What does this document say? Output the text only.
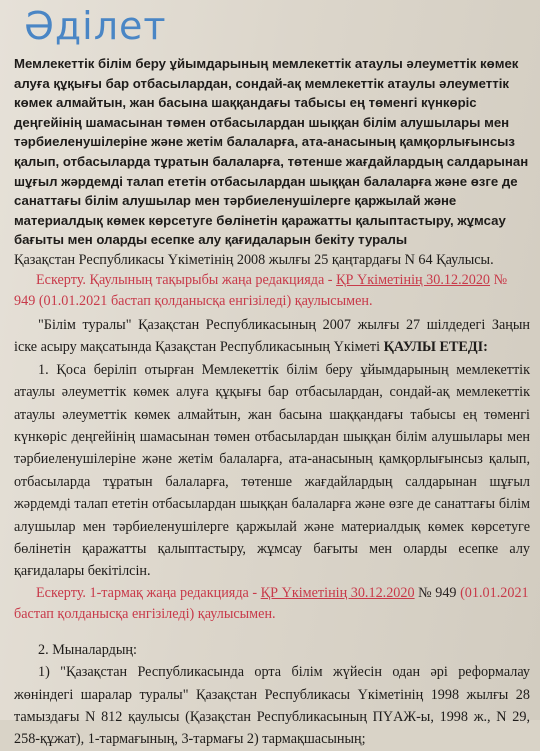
Әділет

Мемлекеттік білім беру ұйымдарының мемлекеттік атаулы әлеуметтік көмек алуға құқығы бар отбасылардан, сондай-ақ мемлекеттік атаулы әлеуметтік көмек алмайтын, жан басына шаққандағы табысы ең төменгі күнкөріс деңгейінің шамасынан төмен отбасылардан шыққан білім алушылары мен тәрбиеленушілеріне және жетім балаларға, ата-анасының қамқорлығынсыз қалып, отбасыларда тұратын балаларға, төтенше жағдайлардың салдарынан шұғыл жәрдемді талап ететін отбасылардан шыққан балаларға және өзге де санаттағы білім алушылар мен тәрбиеленушілерге қаржылай және материалдық көмек көрсетуге бөлінетін қаражатты қалыптастыру, жұмсау бағыты мен оларды есепке алу қағидаларын бекіту туралы

Қазақстан Республикасы Үкіметінің 2008 жылғы 25 қаңтардағы N 64 Қаулысы.

Ескерту. Қаулының тақырыбы жаңа редакцияда - ҚР Үкіметінің 30.12.2020 № 949 (01.01.2021 бастап қолданысқа енгізіледі) қаулысымен.

"Білім туралы" Қазақстан Республикасының 2007 жылғы 27 шілдедегі Заңын іске асыру мақсатында Қазақстан Республикасының Үкіметі ҚАУЛЫ ЕТЕДІ:

1. Қоса беріліп отырған Мемлекеттік білім беру ұйымдарының мемлекеттік атаулы әлеуметтік көмек алуға құқығы бар отбасылардан, сондай-ақ мемлекеттік атаулы әлеуметтік көмек алмайтын, жан басына шаққандағы табысы ең төменгі күнкөріс деңгейінің шамасынан төмен отбасылардан шыққан білім алушылары мен тәрбиеленушілеріне және жетім балаларға, ата-анасының қамқорлығынсыз қалып, отбасыларда тұратын балаларға, төтенше жағдайлардың салдарынан шұғыл жәрдемді талап ететін отбасылардан шыққан балаларға және өзге де санаттағы білім алушылар мен тәрбиеленушілерге қаржылай және материалдық көмек көрсетуге бөлінетін қаражатты қалыптастыру, жұмсау бағыты мен оларды есепке алу қағидалары бекітілсін.

Ескерту. 1-тармақ жаңа редакцияда - ҚР Үкіметінің 30.12.2020 № 949 (01.01.2021 бастап қолданысқа енгізіледі) қаулысымен.

2. Мыналардың:

1) "Қазақстан Республикасында орта білім жүйесін одан әрі реформалау жөніндегі шаралар туралы" Қазақстан Республикасы Үкіметінің 1998 жылғы 28 тамыздағы N 812 қаулысы (Қазақстан Республикасының ПҮАЖ-ы, 1998 ж., N 29, 258-құжат), 1-тармағының, 3-тармағы 2) тармақшасының;
